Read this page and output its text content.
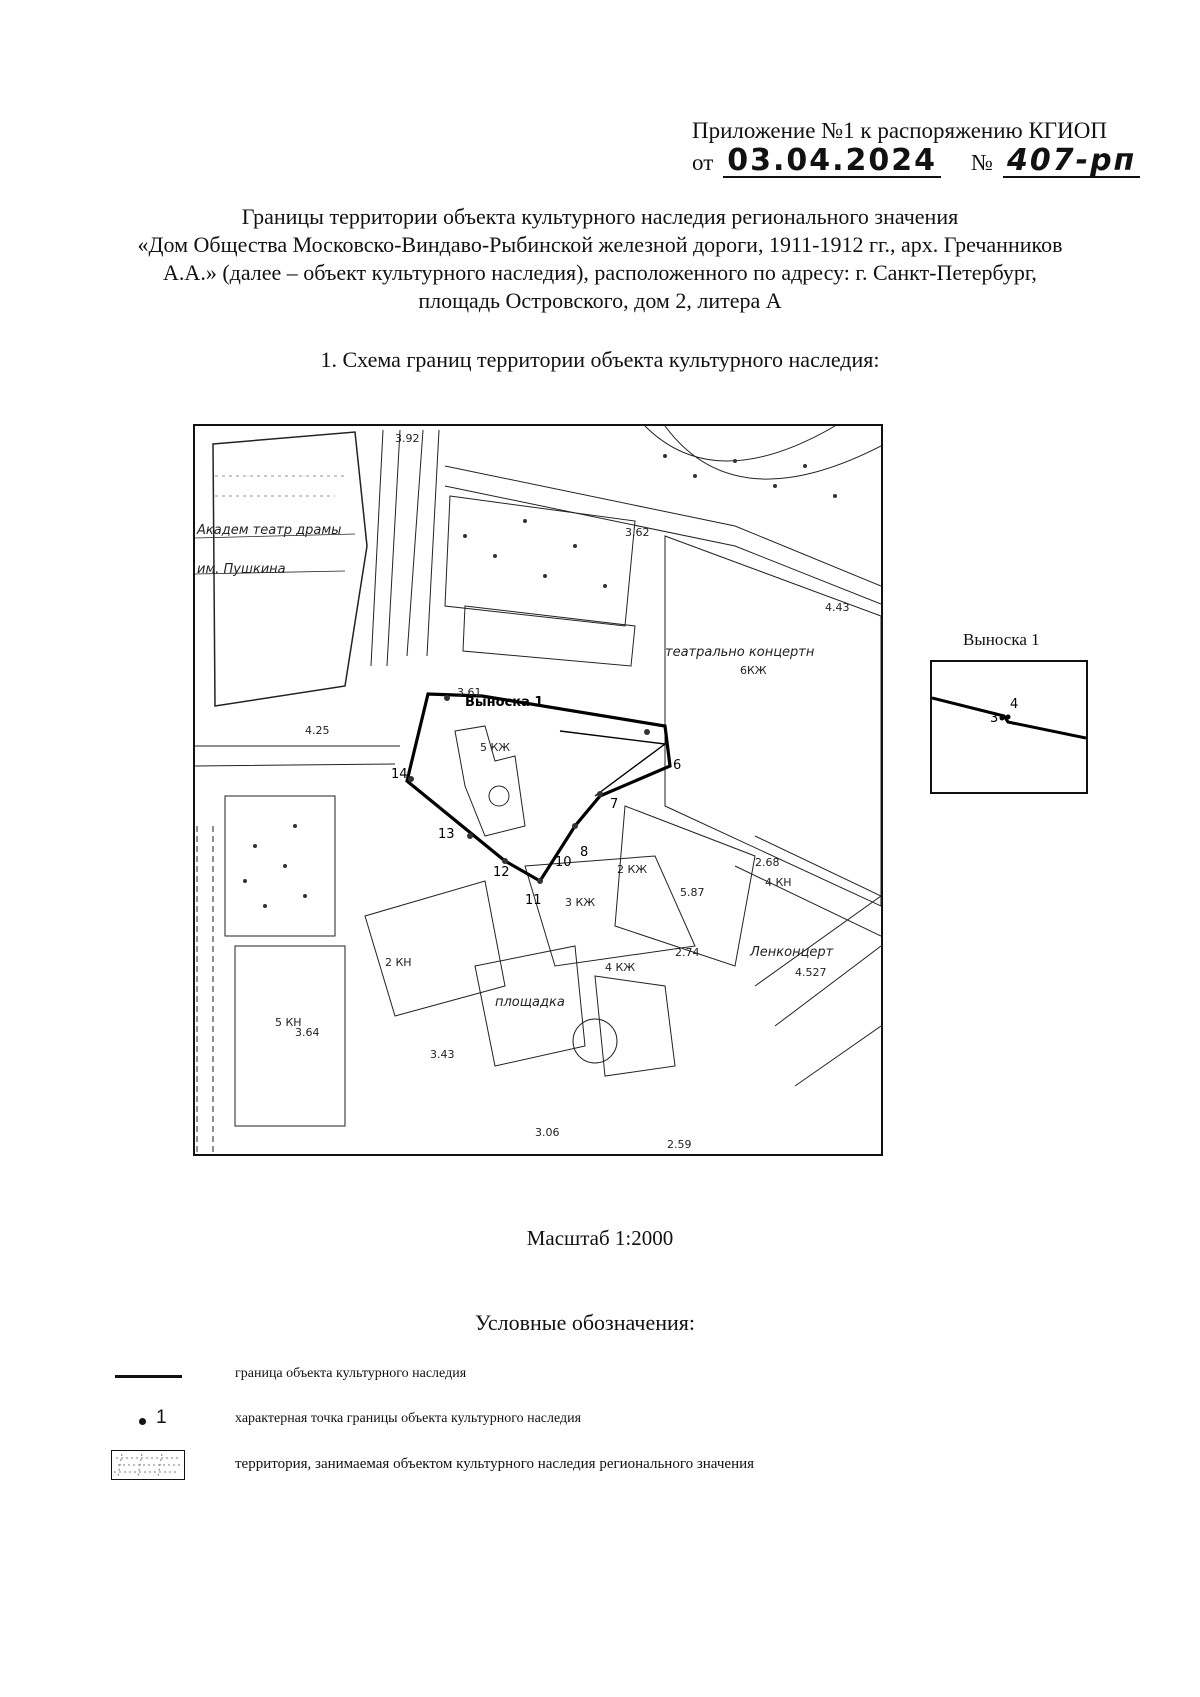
Приложение №1 к распоряжению КГИОП
от 03.04.2024 № 407-рп
Границы территории объекта культурного наследия регионального значения
«Дом Общества Московско-Виндаво-Рыбинской железной дороги, 1911-1912 гг., арх. Гречанников
А.А.» (далее – объект культурного наследия), расположенного по адресу: г. Санкт-Петербург,
площадь Островского, дом 2, литера А
1. Схема границ территории объекта культурного наследия:
Академ театр драмы
им. Пушкина
3.92
3.62
4.43
3.61
4.25
2.68
5.87
2.74
4.527
3.43
3.64
3.06
2.59
5 КЖ
6КЖ
2 КЖ
3 КЖ
4 КЖ
5 КН
2 КН
4 КН
театрально концертн
Ленконцерт
площадка
Выноска 1
6
7
8
10
11
12
13
14
Выноска 1
3
4
Масштаб 1:2000
Условные обозначения:
граница объекта культурного наследия
1	характерная точка границы объекта культурного наследия
территория, занимаемая объектом культурного наследия регионального значения
